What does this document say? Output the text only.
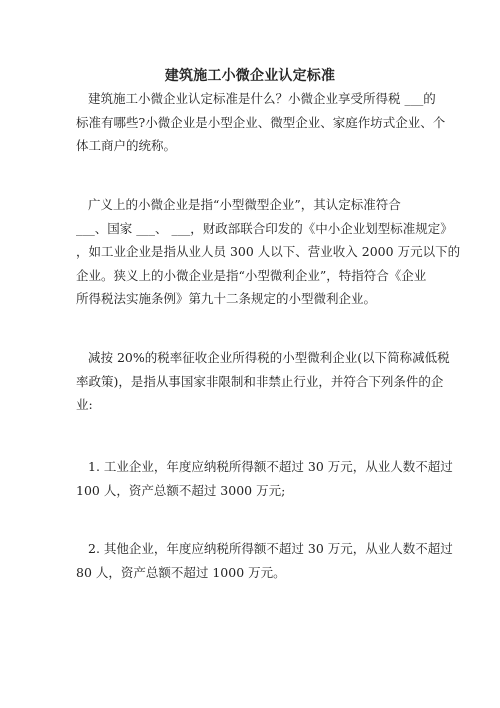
建筑施工小微企业认定标准

建筑施工小微企业认定标准是什么？小微企业享受所得税 ___的
标准有哪些?小微企业是小型企业、微型企业、家庭作坊式企业、个
体工商户的统称。

广义上的小微企业是指“小型微型企业”，其认定标准符合
___、国家 ___、 ___，财政部联合印发的《中小企业划型标准规定》
，如工业企业是指从业人员 300 人以下、营业收入 2000 万元以下的
企业。狭义上的小微企业是指“小型微利企业”，特指符合《企业
所得税法实施条例》第九十二条规定的小型微利企业。

减按 20%的税率征收企业所得税的小型微利企业(以下简称减低税
率政策)，是指从事国家非限制和非禁止行业，并符合下列条件的企
业:

1. 工业企业，年度应纳税所得额不超过 30 万元，从业人数不超过
100 人，资产总额不超过 3000 万元;

2. 其他企业，年度应纳税所得额不超过 30 万元，从业人数不超过
80 人，资产总额不超过 1000 万元。
